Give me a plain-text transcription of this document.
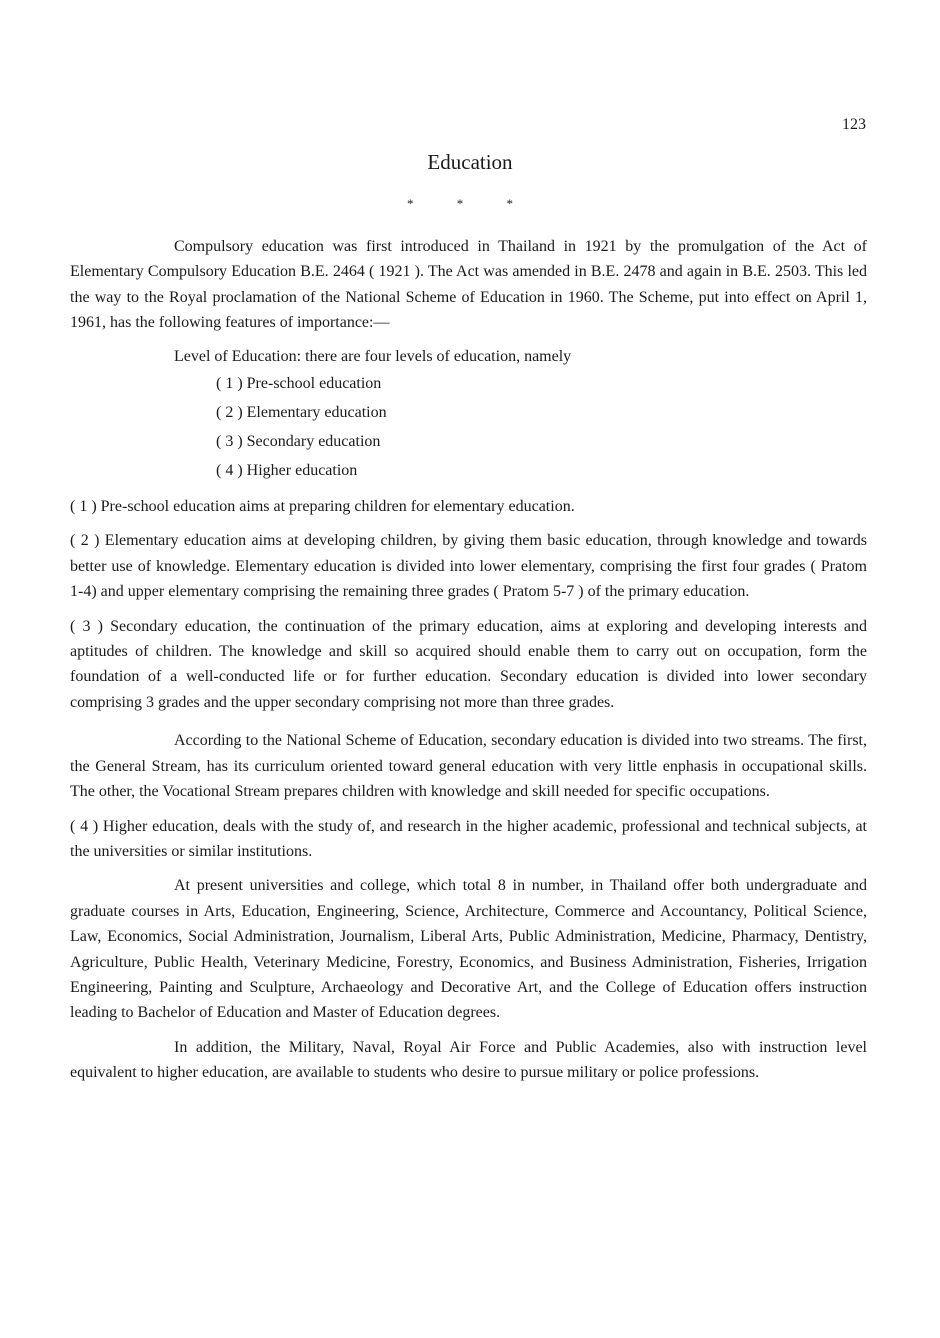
123
Education
* * *

Compulsory education was first introduced in Thailand in 1921 by the promulgation of the Act of Elementary Compulsory Education B.E. 2464 ( 1921 ). The Act was amended in B.E. 2478 and again in B.E. 2503. This led the way to the Royal proclamation of the National Scheme of Education in 1960. The Scheme, put into effect on April 1, 1961, has the following features of importance:—

Level of Education: there are four levels of education, namely

( 1 ) Pre-school education
( 2 ) Elementary education
( 3 ) Secondary education
( 4 ) Higher education

( 1 ) Pre-school education aims at preparing children for elementary education.

( 2 ) Elementary education aims at developing children, by giving them basic education, through knowledge and towards better use of knowledge. Elementary education is divided into lower elementary, comprising the first four grades ( Pratom 1-4) and upper elementary comprising the remaining three grades ( Pratom 5-7 ) of the primary education.

( 3 ) Secondary education, the continuation of the primary education, aims at exploring and developing interests and aptitudes of children. The knowledge and skill so acquired should enable them to carry out on occupation, form the foundation of a well-conducted life or for further education. Secondary education is divided into lower secondary comprising 3 grades and the upper secondary comprising not more than three grades.

According to the National Scheme of Education, secondary education is divided into two streams. The first, the General Stream, has its curriculum oriented toward general education with very little enphasis in occupational skills. The other, the Vocational Stream prepares children with knowledge and skill needed for specific occupations.

( 4 ) Higher education, deals with the study of, and research in the higher academic, professional and technical subjects, at the universities or similar institutions.

At present universities and college, which total 8 in number, in Thailand offer both undergraduate and graduate courses in Arts, Education, Engineering, Science, Architecture, Commerce and Accountancy, Political Science, Law, Economics, Social Administration, Journalism, Liberal Arts, Public Administration, Medicine, Pharmacy, Dentistry, Agriculture, Public Health, Veterinary Medicine, Forestry, Economics, and Business Administration, Fisheries, Irrigation Engineering, Painting and Sculpture, Archaeology and Decorative Art, and the College of Education offers instruction leading to Bachelor of Education and Master of Education degrees.

In addition, the Military, Naval, Royal Air Force and Public Academies, also with instruction level equivalent to higher education, are available to students who desire to pursue military or police professions.
